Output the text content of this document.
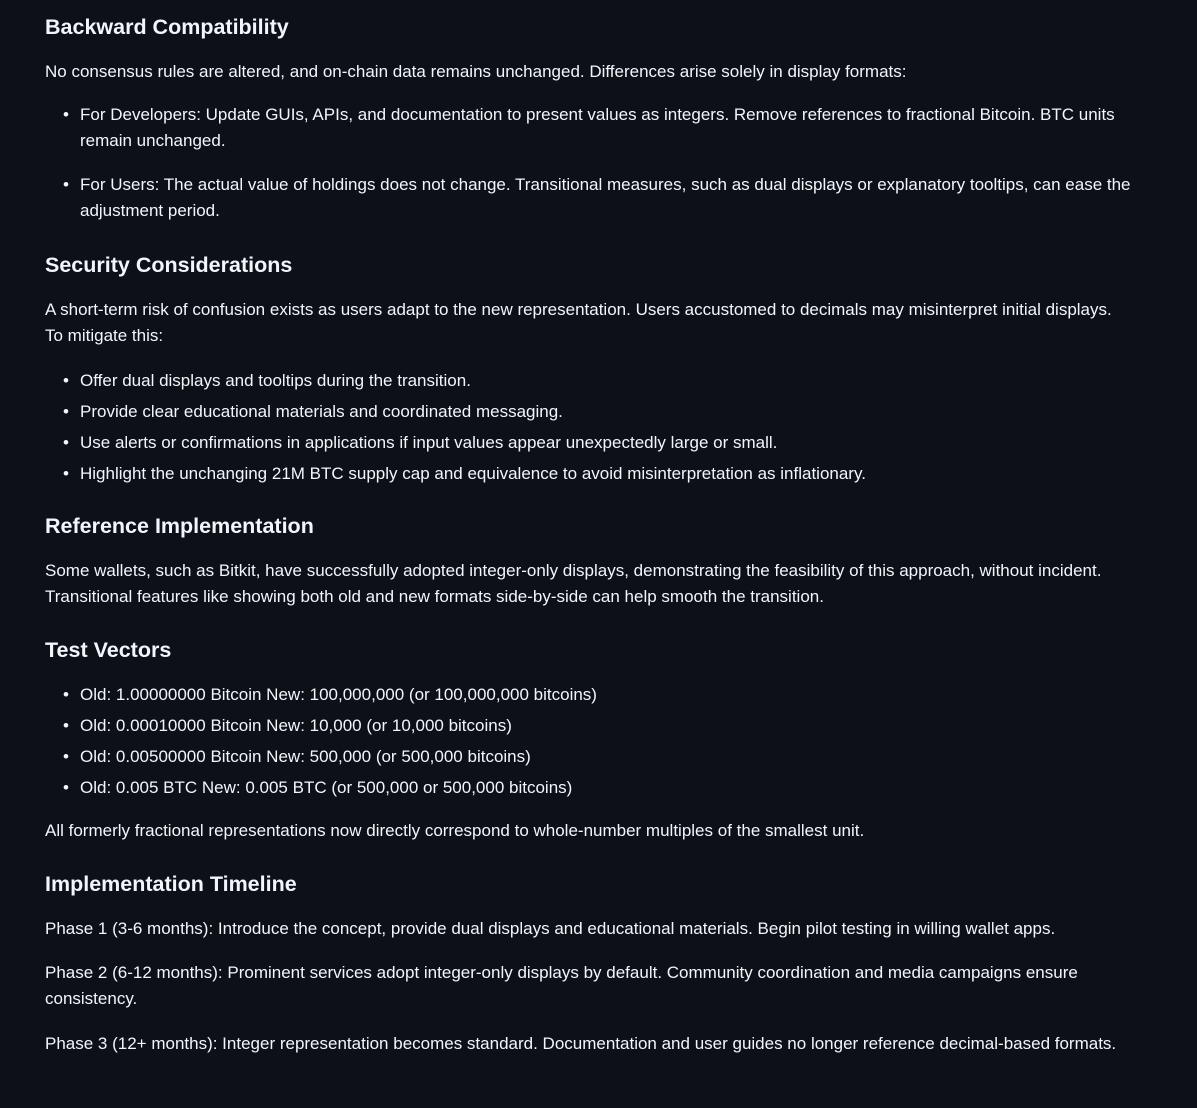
Backward Compatibility

No consensus rules are altered, and on-chain data remains unchanged. Differences arise solely in display formats:

• For Developers: Update GUIs, APIs, and documentation to present values as integers. Remove references to fractional Bitcoin. BTC units remain unchanged.
• For Users: The actual value of holdings does not change. Transitional measures, such as dual displays or explanatory tooltips, can ease the adjustment period.
Security Considerations

A short-term risk of confusion exists as users adapt to the new representation. Users accustomed to decimals may misinterpret initial displays. To mitigate this:

• Offer dual displays and tooltips during the transition.
• Provide clear educational materials and coordinated messaging.
• Use alerts or confirmations in applications if input values appear unexpectedly large or small.
• Highlight the unchanging 21M BTC supply cap and equivalence to avoid misinterpretation as inflationary.
Reference Implementation

Some wallets, such as Bitkit, have successfully adopted integer-only displays, demonstrating the feasibility of this approach, without incident. Transitional features like showing both old and new formats side-by-side can help smooth the transition.

Test Vectors
• Old: 1.00000000 Bitcoin New: 100,000,000 (or 100,000,000 bitcoins)
• Old: 0.00010000 Bitcoin New: 10,000 (or 10,000 bitcoins)
• Old: 0.00500000 Bitcoin New: 500,000 (or 500,000 bitcoins)
• Old: 0.005 BTC New: 0.005 BTC (or 500,000 or 500,000 bitcoins)

All formerly fractional representations now directly correspond to whole-number multiples of the smallest unit.

Implementation Timeline

Phase 1 (3-6 months): Introduce the concept, provide dual displays and educational materials. Begin pilot testing in willing wallet apps.

Phase 2 (6-12 months): Prominent services adopt integer-only displays by default. Community coordination and media campaigns ensure consistency.

Phase 3 (12+ months): Integer representation becomes standard. Documentation and user guides no longer reference decimal-based formats.
